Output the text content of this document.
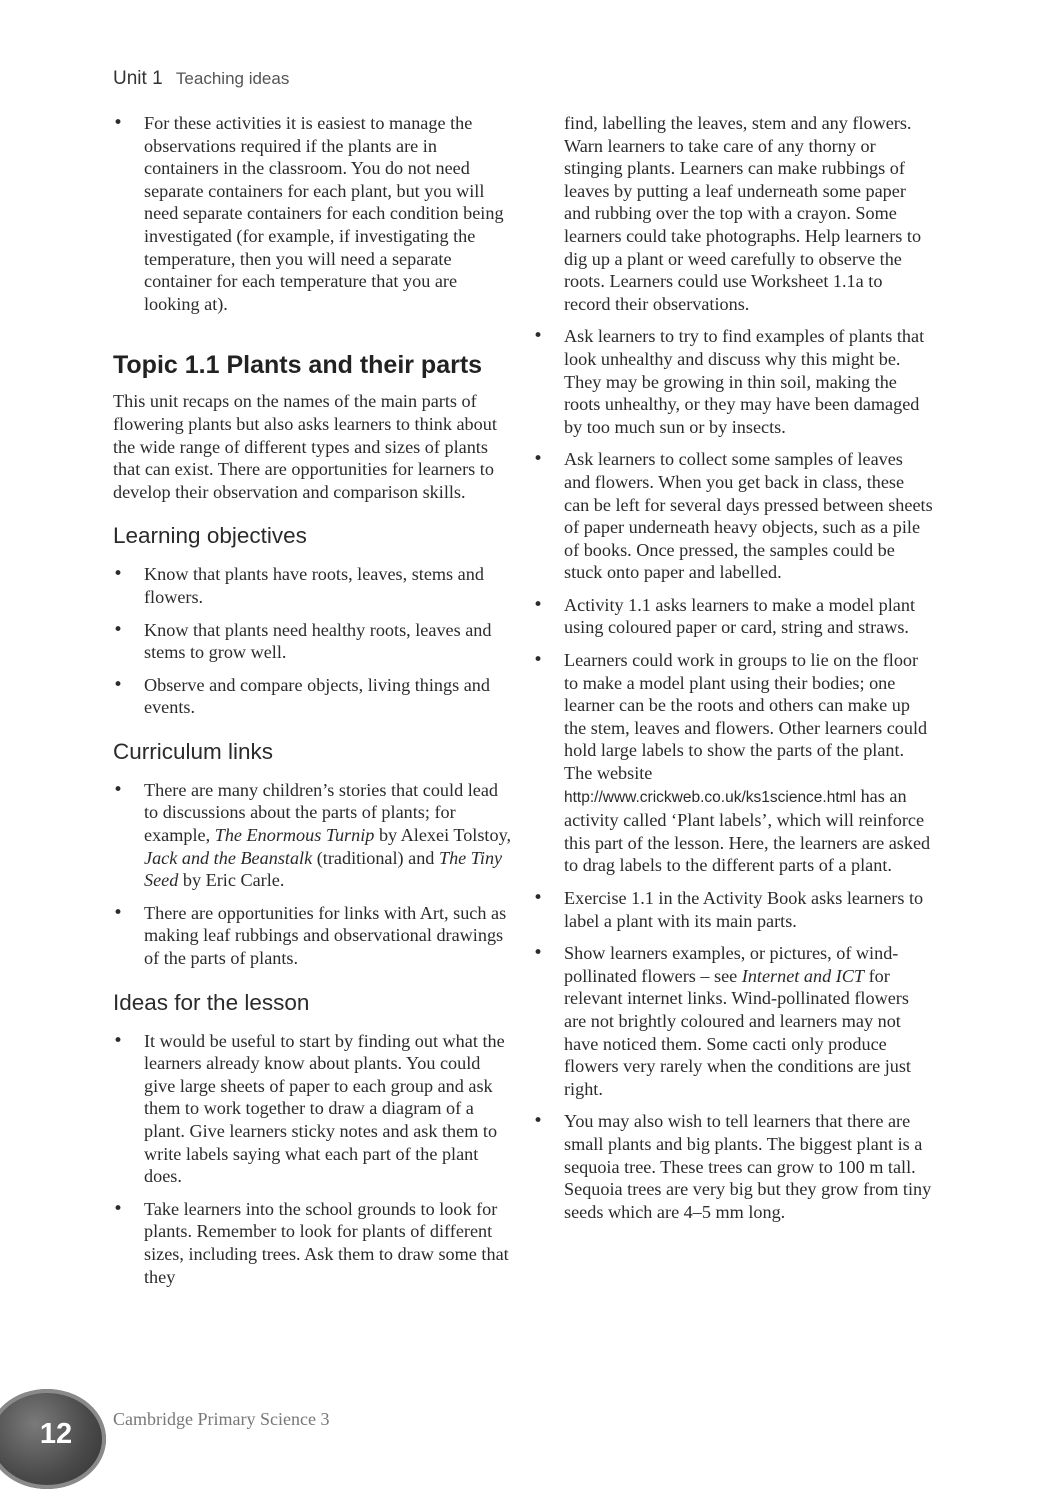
Unit 1 Teaching ideas
• For these activities it is easiest to manage the observations required if the plants are in containers in the classroom. You do not need separate containers for each plant, but you will need separate containers for each condition being investigated (for example, if investigating the temperature, then you will need a separate container for each temperature that you are looking at).
Topic 1.1 Plants and their parts

This unit recaps on the names of the main parts of flowering plants but also asks learners to think about the wide range of different types and sizes of plants that can exist. There are opportunities for learners to develop their observation and comparison skills.

Learning objectives
• Know that plants have roots, leaves, stems and flowers.
• Know that plants need healthy roots, leaves and stems to grow well.
• Observe and compare objects, living things and events.
Curriculum links
• There are many children’s stories that could lead to discussions about the parts of plants; for example, The Enormous Turnip by Alexei Tolstoy, Jack and the Beanstalk (traditional) and The Tiny Seed by Eric Carle.
• There are opportunities for links with Art, such as making leaf rubbings and observational drawings of the parts of plants.
Ideas for the lesson
• It would be useful to start by finding out what the learners already know about plants. You could give large sheets of paper to each group and ask them to work together to draw a diagram of a plant. Give learners sticky notes and ask them to write labels saying what each part of the plant does.
• Take learners into the school grounds to look for plants. Remember to look for plants of different sizes, including trees. Ask them to draw some that they
find, labelling the leaves, stem and any flowers. Warn learners to take care of any thorny or stinging plants. Learners can make rubbings of leaves by putting a leaf underneath some paper and rubbing over the top with a crayon. Some learners could take photographs. Help learners to dig up a plant or weed carefully to observe the roots. Learners could use Worksheet 1.1a to record their observations.
• Ask learners to try to find examples of plants that look unhealthy and discuss why this might be. They may be growing in thin soil, making the roots unhealthy, or they may have been damaged by too much sun or by insects.
• Ask learners to collect some samples of leaves and flowers. When you get back in class, these can be left for several days pressed between sheets of paper underneath heavy objects, such as a pile of books. Once pressed, the samples could be stuck onto paper and labelled.
• Activity 1.1 asks learners to make a model plant using coloured paper or card, string and straws.
• Learners could work in groups to lie on the floor to make a model plant using their bodies; one learner can be the roots and others can make up the stem, leaves and flowers. Other learners could hold large labels to show the parts of the plant. The website http://www.crickweb.co.uk/ks1science.html has an activity called ‘Plant labels’, which will reinforce this part of the lesson. Here, the learners are asked to drag labels to the different parts of a plant.
• Exercise 1.1 in the Activity Book asks learners to label a plant with its main parts.
• Show learners examples, or pictures, of wind-pollinated flowers – see Internet and ICT for relevant internet links. Wind-pollinated flowers are not brightly coloured and learners may not have noticed them. Some cacti only produce flowers very rarely when the conditions are just right.
• You may also wish to tell learners that there are small plants and big plants. The biggest plant is a sequoia tree. These trees can grow to 100 m tall. Sequoia trees are very big but they grow from tiny seeds which are 4–5 mm long.
12	Cambridge Primary Science 3
